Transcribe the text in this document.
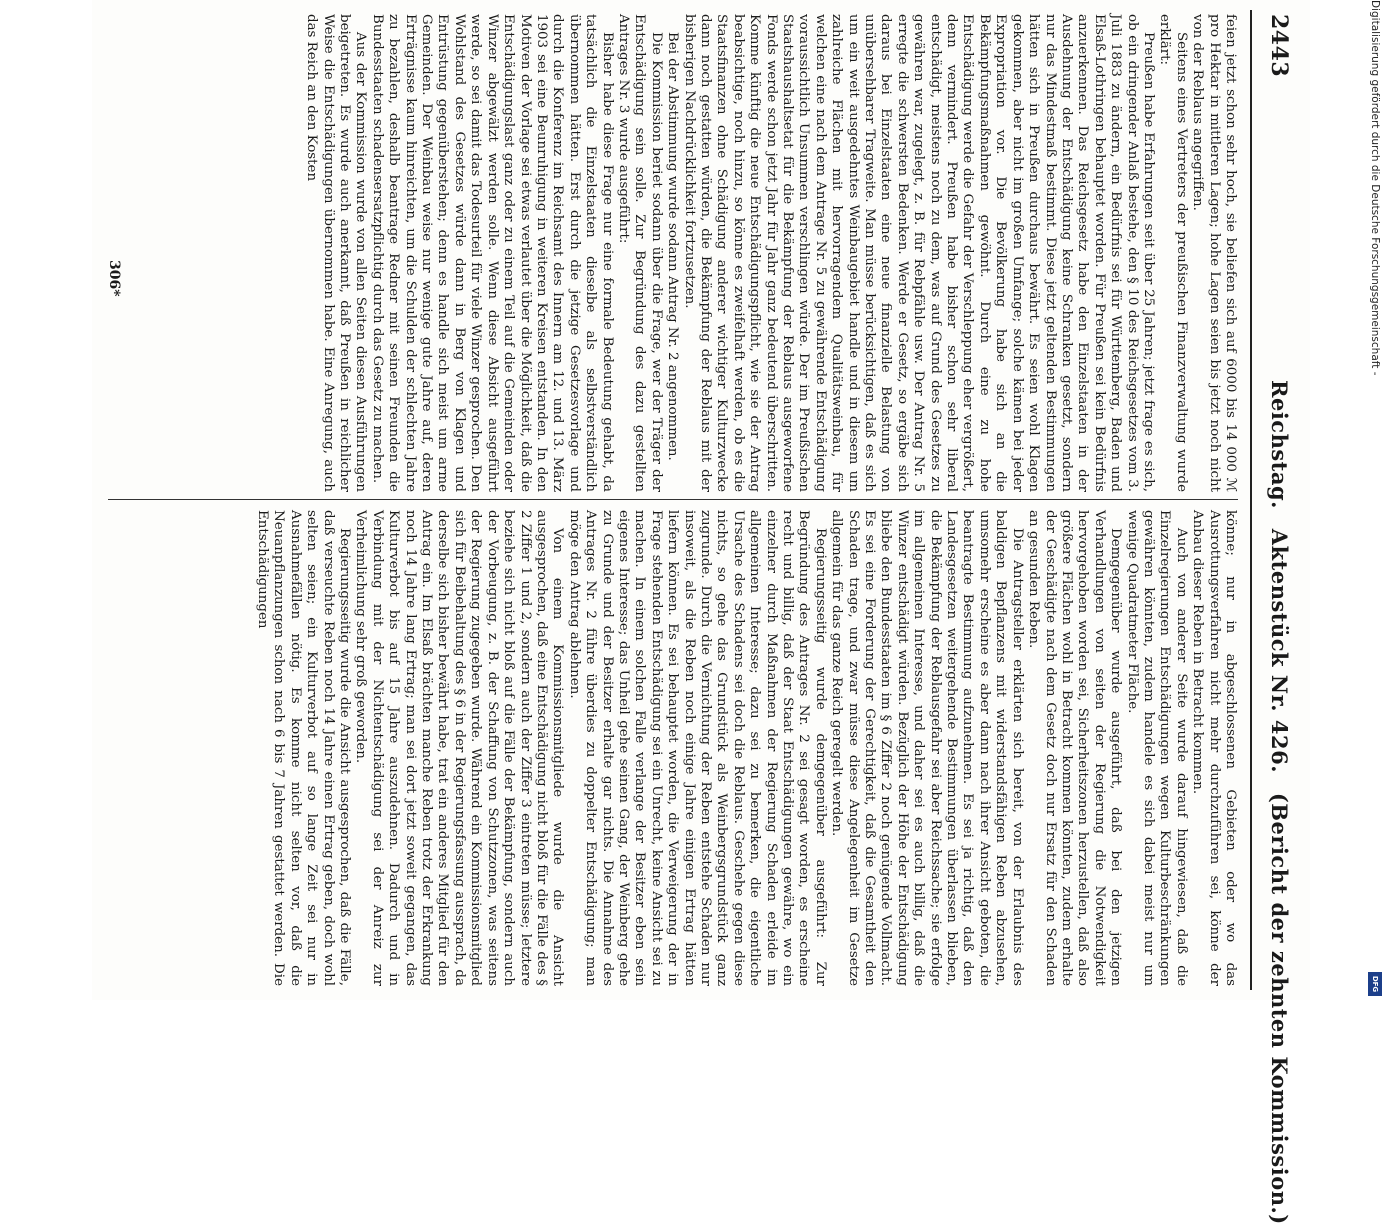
2443
Reichstag. Aktenstück Nr. 426. (Bericht der zehnten Kommission.)

feien jetzt schon sehr hoch, sie beliefen sich auf 6000 bis 14 000 ℳ pro Hektar in mittleren Lagen; hohe Lagen seien bis jetzt noch nicht von der Reblaus angegriffen.

Seitens eines Vertreters der preußischen Finanzverwaltung wurde erklärt:

Preußen habe Erfahrungen seit über 25 Jahren; jetzt frage es sich, ob ein dringender Anlaß bestehe, den § 10 des Reichsgesetzes vom 3. Juli 1883 zu ändern, ein Bedürfnis sei für Württemberg, Baden und Elsaß-Lothringen behauptet worden. Für Preußen sei kein Bedürfnis anzuerkennen. Das Reichsgesetz habe den Einzelstaaten in der Ausdehnung der Entschädigung keine Schranken gesetzt, sondern nur das Mindestmaß bestimmt. Diese jetzt geltenden Bestimmungen hätten sich in Preußen durchaus bewährt. Es seien wohl Klagen gekommen, aber nicht im großen Umfange; solche kämen bei jeder Expropriation vor. Die Bevölkerung habe sich an die Bekämpfungsmaßnahmen gewöhnt. Durch eine zu hohe Entschädigung werde die Gefahr der Verschleppung eher vergrößert, denn vermindert. Preußen habe bisher schon sehr liberal entschädigt, meistens noch zu dem, was auf Grund des Gesetzes zu gewähren war, zugelegt, z. B. für Rebpfähle usw. Der Antrag Nr. 5 erregte die schwersten Bedenken. Werde er Gesetz, so ergäbe sich daraus bei Einzelstaaten eine neue finanzielle Belastung von unübersehbarer Tragweite. Man müsse berücksichtigen, daß es sich um ein weit ausgedehntes Weinbaugebiet handle und in diesem um zahlreiche Flächen mit hervorragendem Qualitätsweinbau, für welchen eine nach dem Antrage Nr. 5 zu gewährende Entschädigung voraussichtlich Unsummen verschlingen würde. Der im Preußischen Staatshaushaltsetat für die Bekämpfung der Reblaus ausgeworfene Fonds werde schon jetzt Jahr für Jahr ganz bedeutend überschritten. Komme künftig die neue Entschädigungspflicht, wie sie der Antrag beabsichtige, noch hinzu, so könne es zweifelhaft werden, ob es die Staatsfinanzen ohne Schädigung anderer wichtiger Kulturzwecke dann noch gestatten würden, die Bekämpfung der Reblaus mit der bisherigen Nachdrücklichkeit fortzusetzen.

Bei der Abstimmung wurde sodann Antrag Nr. 2 angenommen.

Die Kommission beriet sodann über die Frage, wer der Träger der Entschädigung sein solle. Zur Begründung des dazu gestellten Antrages Nr. 3 wurde ausgeführt:

Bisher habe diese Frage nur eine formale Bedeutung gehabt, da tatsächlich die Einzelstaaten dieselbe als selbstverständlich übernommen hätten. Erst durch die jetzige Gesetzesvorlage und durch die Konferenz im Reichsamt des Innern am 12. und 13. März 1903 sei eine Beunruhigung in weiteren Kreisen entstanden. In den Motiven der Vorlage sei etwas verlautet über die Möglichkeit, daß die Entschädigungslast ganz oder zu einem Teil auf die Gemeinden oder Winzer abgewälzt werden solle. Wenn diese Absicht ausgeführt werde, so sei damit das Todesurteil für viele Winzer gesprochen. Den Wohlstand des Gesetzes würde dann in Berg von Klagen und Entrüstung gegenüberstehen; denn es handle sich meist um arme Gemeinden. Der Weinbau weise nur wenige gute Jahre auf, deren Erträgnisse kaum hinreichten, um die Schulden der schlechten Jahre zu bezahlen, deshalb beantrage Redner mit seinen Freunden die Bundesstaaten schadensersatzpflichtig durch das Gesetz zu machen.

Aus der Kommission wurde von allen Seiten diesen Ausführungen beigetreten. Es wurde auch anerkannt, daß Preußen in reichlicher Weise die Entschädigungen übernommen habe. Eine Anregung, auch das Reich an den Kosten

könne; nur in abgeschlossenen Gebieten oder wo das Ausrottungsverfahren nicht mehr durchzuführen sei, könne der Anbau dieser Reben in Betracht kommen.

Auch von anderer Seite wurde darauf hingewiesen, daß die Einzelregierungen Entschädigungen wegen Kulturbeschränkungen gewähren könnten, zudem handele es sich dabei meist nur um wenige Quadratmeter Fläche.

Demgegenüber wurde ausgeführt, daß bei den jetzigen Verhandlungen von seiten der Regierung die Notwendigkeit hervorgehoben worden sei, Sicherheitszonen herzustellen, daß also größere Flächen wohl in Betracht kommen könnten, zudem erhalte der Geschädigte nach dem Gesetz doch nur Ersatz für den Schaden an gesunden Reben.

Die Antragsteller erklärten sich bereit, von der Erlaubnis des baldigen Bepflanzens mit widerstandsfähigen Reben abzusehen, umsomehr erscheine es aber dann nach ihrer Ansicht geboten, die beantragte Bestimmung aufzunehmen. Es sei ja richtig, daß den Landesgesetzen weitergehende Bestimmungen überlassen blieben, die Bekämpfung der Reblausgefahr sei aber Reichssache; sie erfolge im allgemeinen Interesse, und daher sei es auch billig, daß die Winzer entschädigt würden. Bezüglich der Höhe der Entschädigung bliebe den Bundesstaaten im § 6 Ziffer 2 noch genügende Vollmacht. Es sei eine Forderung der Gerechtigkeit, daß die Gesamtheit den Schaden trage, und zwar müsse diese Angelegenheit im Gesetze allgemein für das ganze Reich geregelt werden.

Regierungsseitig wurde demgegenüber ausgeführt: Zur Begründung des Antrages Nr. 2 sei gesagt worden, es erscheine recht und billig, daß der Staat Entschädigungen gewähre, wo ein einzelner durch Maßnahmen der Regierung Schaden erleide im allgemeinen Interesse; dazu sei zu bemerken, die eigentliche Ursache des Schadens sei doch die Reblaus. Geschehe gegen diese nichts, so gehe das Grundstück als Weinbergsgrundstück ganz zugrunde. Durch die Vernichtung der Reben entstehe Schaden nur insoweit, als die Reben noch einige Jahre einigen Ertrag hätten liefern können. Es sei behauptet worden, die Verweigerung der in Frage stehenden Entschädigung sei ein Unrecht, keine Ansicht sei zu machen. In einem solchen Falle verlange der Besitzer eben sein eigenes Interesse; das Unheil gehe seinen Gang, der Weinberg gehe zu Grunde und der Besitzer erhalte gar nichts. Die Annahme des Antrages Nr. 2 führe überdies zu doppelter Entschädigung; man möge den Antrag ablehnen.

Von einem Kommissionsmitgliede wurde die Ansicht ausgesprochen, daß eine Entschädigung nicht bloß für die Fälle des § 2 Ziffer 1 und 2, sondern auch der Ziffer 3 eintreten müsse; letztere beziehe sich nicht bloß auf die Fälle der Bekämpfung, sondern auch der Vorbeugung, z. B. der Schaffung von Schutzzonen, was seitens der Regierung zugegeben wurde. Während ein Kommissionsmitglied sich für Beibehaltung des § 6 in der Regierungsfassung aussprach, da derselbe sich bisher bewährt habe, trat ein anderes Mitglied für den Antrag ein. Im Elsaß brächten manche Reben trotz der Erkrankung noch 14 Jahre lang Ertrag; man sei dort jetzt soweit gegangen, das Kulturverbot bis auf 15 Jahre auszudehnen. Dadurch und in Verbindung mit der Nichtentschädigung sei der Anreiz zur Verheimlichung sehr groß geworden.

Regierungsseitig wurde die Ansicht ausgesprochen, daß die Fälle, daß verseuchte Reben noch 14 Jahre einen Ertrag geben, doch wohl selten seien; ein Kulturverbot auf so lange Zeit sei nur in Ausnahmefällen nötig. Es komme nicht selten vor, daß die Neuanpflanzungen schon nach 6 bis 7 Jahren gestattet werden. Die Entschädigungen

306*	Digitalisierung gefördert durch die Deutsche Forschungsgemeinschaft -
DFG
